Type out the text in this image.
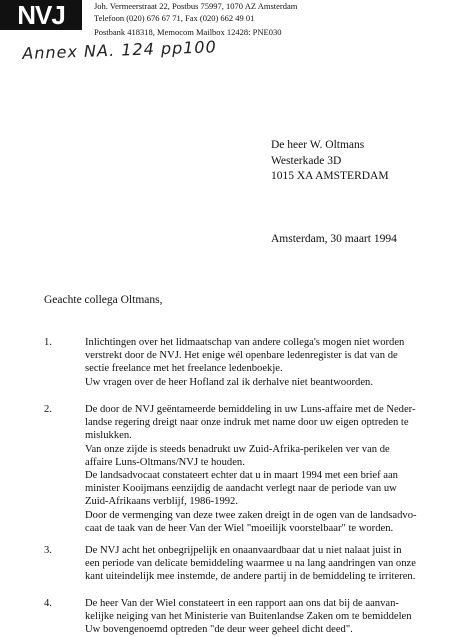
NVJ	Joh. Vermeerstraat 22, Postbus 75997, 1070 AZ Amsterdam
Telefoon (020) 676 67 71, Fax (020) 662 49 01
Postbank 418318, Memocom Mailbox 12428: PNE030
Annex NA. 124 pp100
De heer W. Oltmans
Westerkade 3D
1015 XA AMSTERDAM
Amsterdam, 30 maart 1994
Geachte collega Oltmans,
1.	Inlichtingen over het lidmaatschap van andere collega's mogen niet worden
verstrekt door de NVJ. Het enige wél openbare ledenregister is dat van de
sectie freelance met het freelance ledenboekje.
Uw vragen over de heer Hofland zal ik derhalve niet beantwoorden.
2.	De door de NVJ geëntameerde bemiddeling in uw Luns-affaire met de Neder-
landse regering dreigt naar onze indruk met name door uw eigen optreden te
mislukken.
Van onze zijde is steeds benadrukt uw Zuid-Afrika-perikelen ver van de
affaire Luns-Oltmans/NVJ te houden.
De landsadvocaat constateert echter dat u in maart 1994 met een brief aan
minister Kooijmans eenzijdig de aandacht verlegt naar de periode van uw
Zuid-Afrikaans verblijf, 1986-1992.
Door de vermenging van deze twee zaken dreigt in de ogen van de landsadvo-
caat de taak van de heer Van der Wiel "moeilijk voorstelbaar" te worden.
3.	De NVJ acht het onbegrijpelijk en onaanvaardbaar dat u niet nalaat juist in
een periode van delicate bemiddeling waarmee u na lang aandringen van onze
kant uiteindelijk mee instemde, de andere partij in de bemiddeling te irriteren.
4.	De heer Van der Wiel constateert in een rapport aan ons dat bij de aanvan-
kelijke neiging van het Ministerie van Buitenlandse Zaken om te bemiddelen
Uw bovengenoemd optreden "de deur weer geheel dicht deed".
